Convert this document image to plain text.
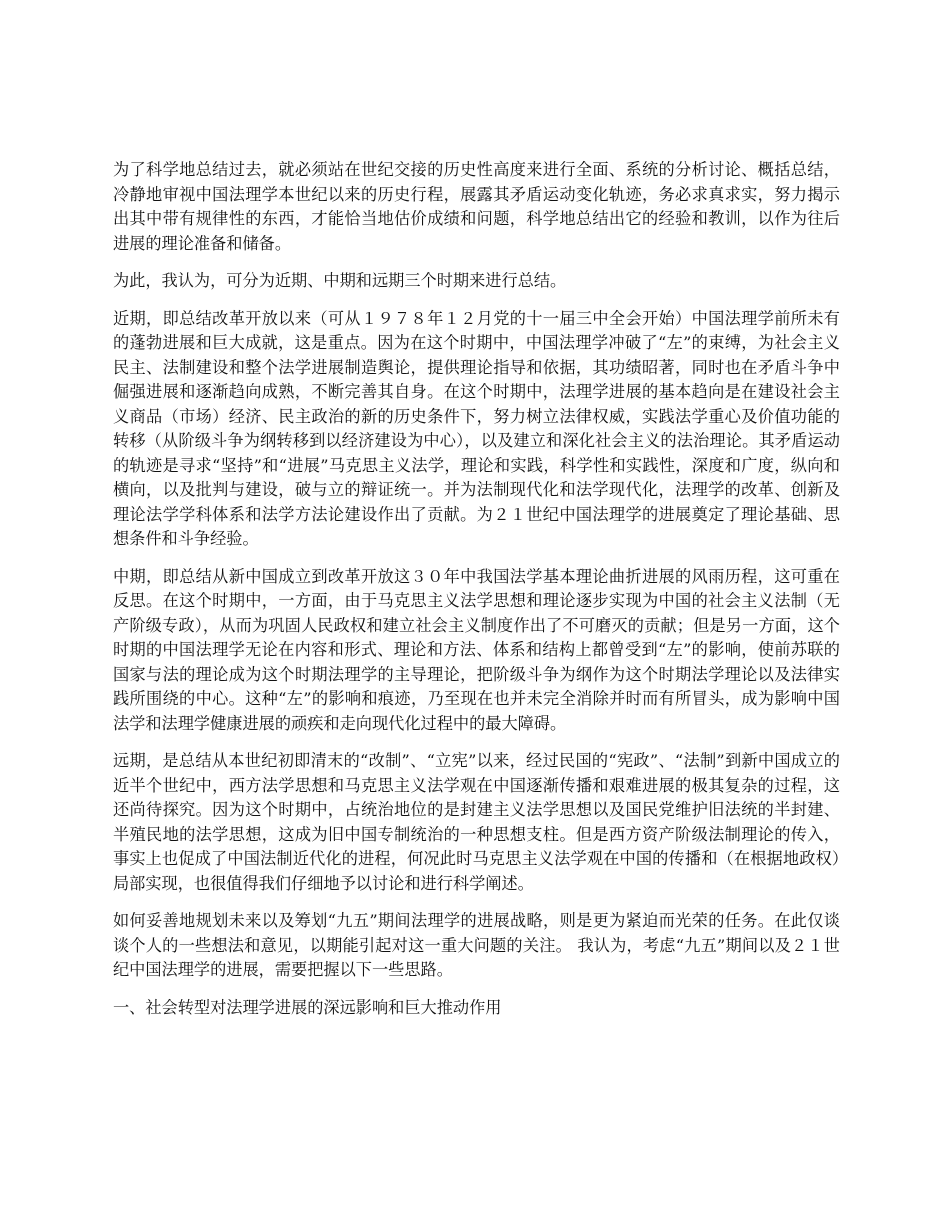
为了科学地总结过去，就必须站在世纪交接的历史性高度来进行全面、系统的分析讨论、概括总结，冷静地审视中国法理学本世纪以来的历史行程，展露其矛盾运动变化轨迹，务必求真求实，努力揭示出其中带有规律性的东西，才能恰当地估价成绩和问题，科学地总结出它的经验和教训，以作为往后进展的理论准备和储备。

为此，我认为，可分为近期、中期和远期三个时期来进行总结。

近期，即总结改革开放以来（可从１９７８年１２月党的十一届三中全会开始）中国法理学前所未有的蓬勃进展和巨大成就，这是重点。因为在这个时期中，中国法理学冲破了“左”的束缚，为社会主义民主、法制建设和整个法学进展制造舆论，提供理论指导和依据，其功绩昭著，同时也在矛盾斗争中倔强进展和逐渐趋向成熟，不断完善其自身。在这个时期中，法理学进展的基本趋向是在建设社会主义商品（市场）经济、民主政治的新的历史条件下，努力树立法律权威，实践法学重心及价值功能的转移（从阶级斗争为纲转移到以经济建设为中心），以及建立和深化社会主义的法治理论。其矛盾运动的轨迹是寻求“坚持”和“进展”马克思主义法学，理论和实践，科学性和实践性，深度和广度，纵向和横向，以及批判与建设，破与立的辩证统一。并为法制现代化和法学现代化，法理学的改革、创新及理论法学学科体系和法学方法论建设作出了贡献。为２１世纪中国法理学的进展奠定了理论基础、思想条件和斗争经验。

中期，即总结从新中国成立到改革开放这３０年中我国法学基本理论曲折进展的风雨历程，这可重在反思。在这个时期中，一方面，由于马克思主义法学思想和理论逐步实现为中国的社会主义法制（无产阶级专政），从而为巩固人民政权和建立社会主义制度作出了不可磨灭的贡献；但是另一方面，这个时期的中国法理学无论在内容和形式、理论和方法、体系和结构上都曾受到“左”的影响，使前苏联的国家与法的理论成为这个时期法理学的主导理论，把阶级斗争为纲作为这个时期法学理论以及法律实践所围绕的中心。这种“左”的影响和痕迹，乃至现在也并未完全消除并时而有所冒头，成为影响中国法学和法理学健康进展的顽疾和走向现代化过程中的最大障碍。

远期，是总结从本世纪初即清末的“改制”、“立宪”以来，经过民国的“宪政”、“法制”到新中国成立的近半个世纪中，西方法学思想和马克思主义法学观在中国逐渐传播和艰难进展的极其复杂的过程，这还尚待探究。因为这个时期中，占统治地位的是封建主义法学思想以及国民党维护旧法统的半封建、半殖民地的法学思想，这成为旧中国专制统治的一种思想支柱。但是西方资产阶级法制理论的传入，事实上也促成了中国法制近代化的进程，何况此时马克思主义法学观在中国的传播和（在根据地政权）局部实现，也很值得我们仔细地予以讨论和进行科学阐述。

如何妥善地规划未来以及筹划“九五”期间法理学的进展战略，则是更为紧迫而光荣的任务。在此仅谈谈个人的一些想法和意见，以期能引起对这一重大问题的关注。 我认为，考虑“九五”期间以及２１世纪中国法理学的进展，需要把握以下一些思路。

一、社会转型对法理学进展的深远影响和巨大推动作用
